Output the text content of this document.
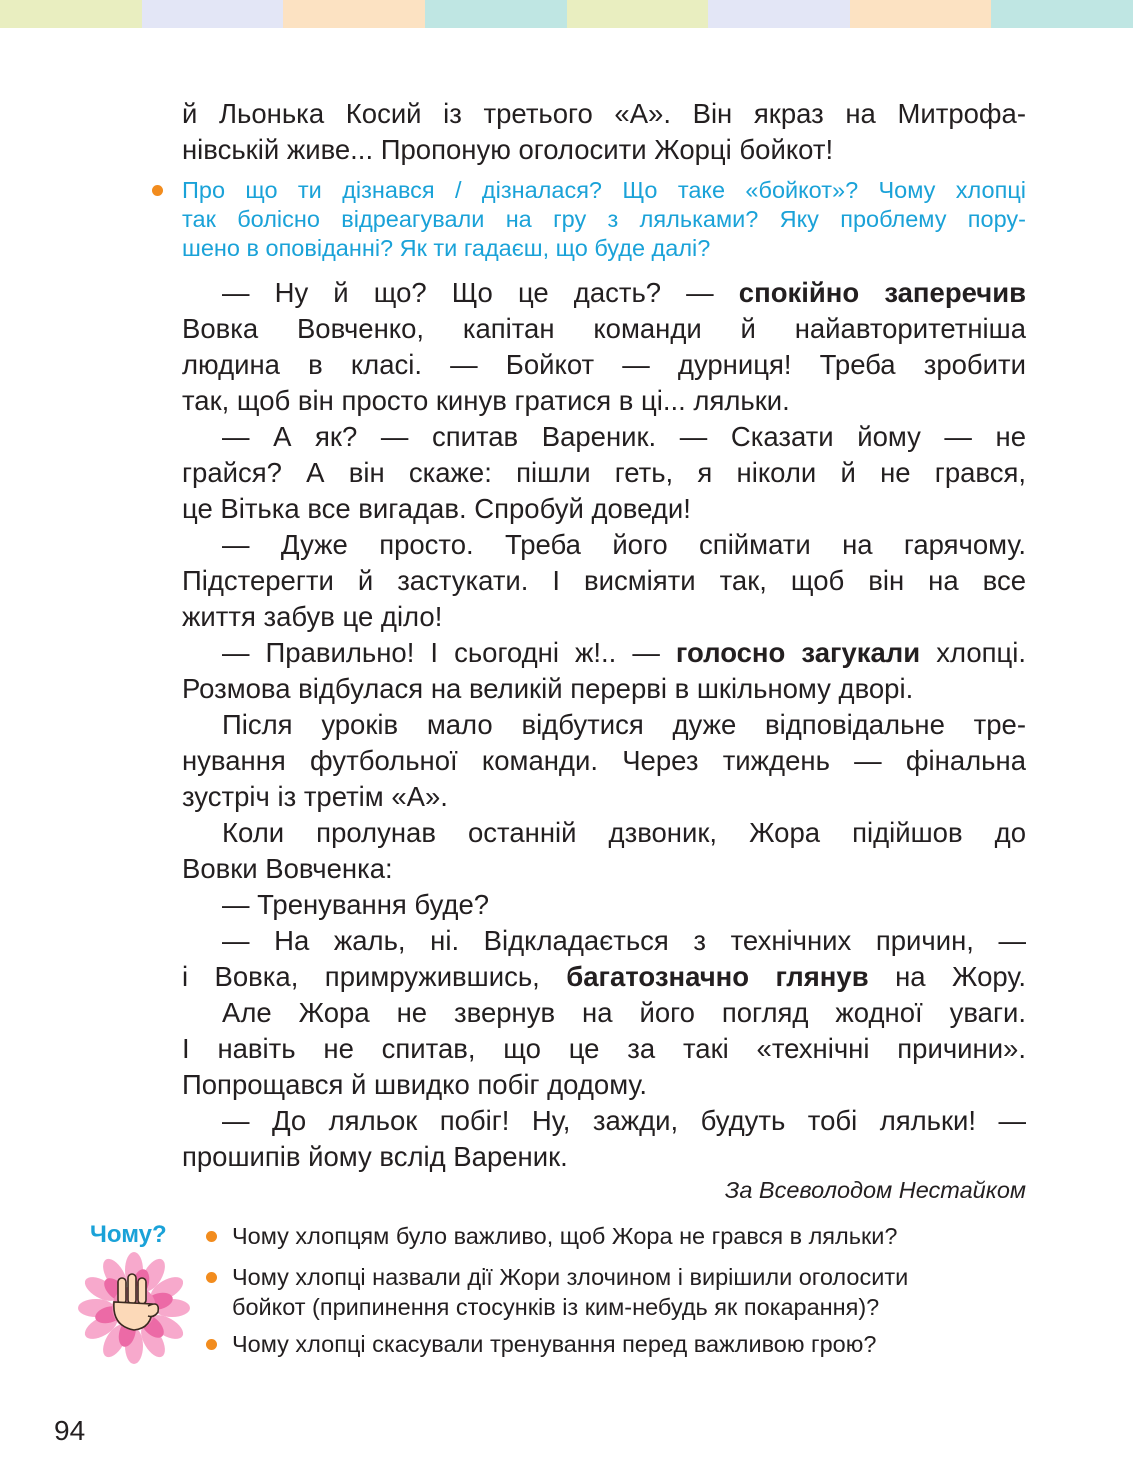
й Льонька Косий із третього «А». Він якраз на Митрофа-
нівській живе... Пропоную оголосити Жорці бойкот!
Про що ти дізнався / дізналася? Що таке «бойкот»? Чому хлопці
так болісно відреагували на гру з ляльками? Яку проблему пору-
шено в оповіданні? Як ти гадаєш, що буде далі?
— Ну й що? Що це дасть? — спокійно заперечив
Вовка Вовченко, капітан команди й найавторитетніша
людина в класі. — Бойкот — дурниця! Треба зробити
так, щоб він просто кинув гратися в ці... ляльки.
— А як? — спитав Вареник. — Сказати йому — не
грайся? А він скаже: пішли геть, я ніколи й не грався,
це Вітька все вигадав. Спробуй доведи!
— Дуже просто. Треба його спіймати на гарячому.
Підстерегти й застукати. І висміяти так, щоб він на все
життя забув це діло!
— Правильно! І сьогодні ж!.. — голосно загукали хлопці.
Розмова відбулася на великій перерві в шкільному дворі.
Після уроків мало відбутися дуже відповідальне тре-
нування футбольної команди. Через тиждень — фінальна
зустріч із третім «А».
Коли пролунав останній дзвоник, Жора підійшов до
Вовки Вовченка:
— Тренування буде?
— На жаль, ні. Відкладається з технічних причин, —
і Вовка, примружившись, багатозначно глянув на Жору.
Але Жора не звернув на його погляд жодної уваги.
І навіть не спитав, що це за такі «технічні причини».
Попрощався й швидко побіг додому.
— До ляльок побіг! Ну, зажди, будуть тобі ляльки! —
прошипів йому вслід Вареник.
За Всеволодом Нестайком
Чому?	Чому хлопцям було важливо, щоб Жора не грався в ляльки?
Чому хлопці назвали дії Жори злочином і вирішили оголосити
бойкот (припинення стосунків із ким-небудь як покарання)?
Чому хлопці скасували тренування перед важливою грою?
94
